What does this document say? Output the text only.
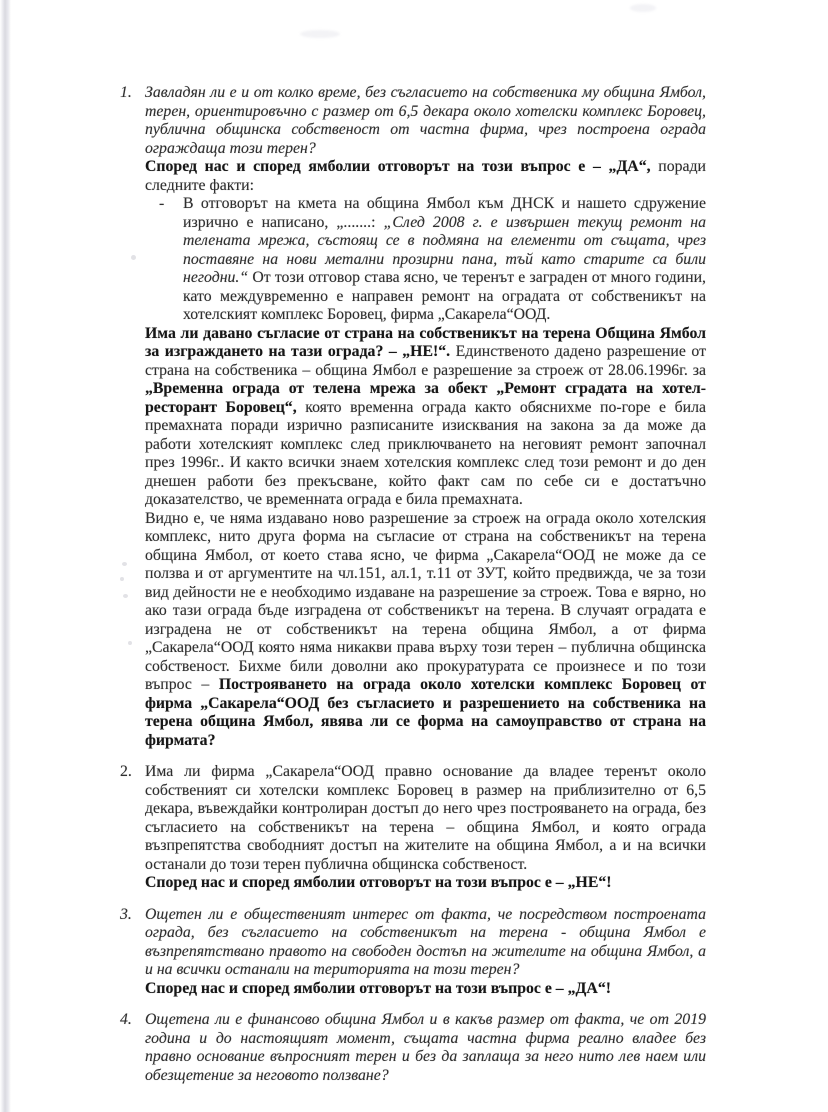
1. Завладян ли е и от колко време, без съгласието на собственика му община Ямбол, терен, ориентировъчно с размер от 6,5 декара около хотелски комплекс Боровец, публична общинска собственост от частна фирма, чрез построена ограда ограждаща този терен?

Според нас и според ямболии отговорът на този въпрос е – „ДА“, поради следните факти:

- В отговорът на кмета на община Ямбол към ДНСК и нашето сдружение изрично е написано, „.......: „След 2008 г. е извършен текущ ремонт на телената мрежа, състоящ се в подмяна на елементи от същата, чрез поставяне на нови метални прозирни пана, тъй като старите са били негодни.“ От този отговор става ясно, че теренът е заграден от много години, като междувременно е направен ремонт на оградата от собственикът на хотелският комплекс Боровец, фирма „Сакарела“ООД.

Има ли давано съгласие от страна на собственикът на терена Община Ямбол за изграждането на тази ограда? – „НЕ!“. Единственото дадено разрешение от страна на собственика – община Ямбол е разрешение за строеж от 28.06.1996г. за „Временна ограда от телена мрежа за обект „Ремонт сградата на хотел-ресторант Боровец“, която временна ограда както обяснихме по-горе е била премахната поради изрично разписаните изисквания на закона за да може да работи хотелският комплекс след приключването на неговият ремонт започнал през 1996г.. И както всички знаем хотелския комплекс след този ремонт и до ден днешен работи без прекъсване, който факт сам по себе си е достатъчно доказателство, че временната ограда е била премахната.

Видно е, че няма издавано ново разрешение за строеж на ограда около хотелския комплекс, нито друга форма на съгласие от страна на собственикът на терена община Ямбол, от което става ясно, че фирма „Сакарела“ООД не може да се ползва и от аргументите на чл.151, ал.1, т.11 от ЗУТ, който предвижда, че за този вид дейности не е необходимо издаване на разрешение за строеж. Това е вярно, но ако тази ограда бъде изградена от собственикът на терена. В случаят оградата е изградена не от собственикът на терена община Ямбол, а от фирма „Сакарела“ООД която няма никакви права върху този терен – публична общинска собственост. Бихме били доволни ако прокуратурата се произнесе и по този въпрос – Построяването на ограда около хотелски комплекс Боровец от фирма „Сакарела“ООД без съгласието и разрешението на собственика на терена община Ямбол, явява ли се форма на самоуправство от страна на фирмата?

2. Има ли фирма „Сакарела“ООД правно основание да владее теренът около собственият си хотелски комплекс Боровец в размер на приблизително от 6,5 декара, въвеждайки контролиран достъп до него чрез построяването на ограда, без съгласието на собственикът на терена – община Ямбол, и която ограда възпрепятства свободният достъп на жителите на община Ямбол, а и на всички останали до този терен публична общинска собственост.

Според нас и според ямболии отговорът на този въпрос е – „НЕ“!

3. Ощетен ли е общественият интерес от факта, че посредством построената ограда, без съгласието на собственикът на терена - община Ямбол е възпрепятствано правото на свободен достъп на жителите на община Ямбол, а и на всички останали на територията на този терен?

Според нас и според ямболии отговорът на този въпрос е – „ДА“!

4. Ощетена ли е финансово община Ямбол и в какъв размер от факта, че от 2019 година и до настоящият момент, същата частна фирма реално владее без правно основание въпросният терен и без да заплаща за него нито лев наем или обезщетение за неговото ползване?
